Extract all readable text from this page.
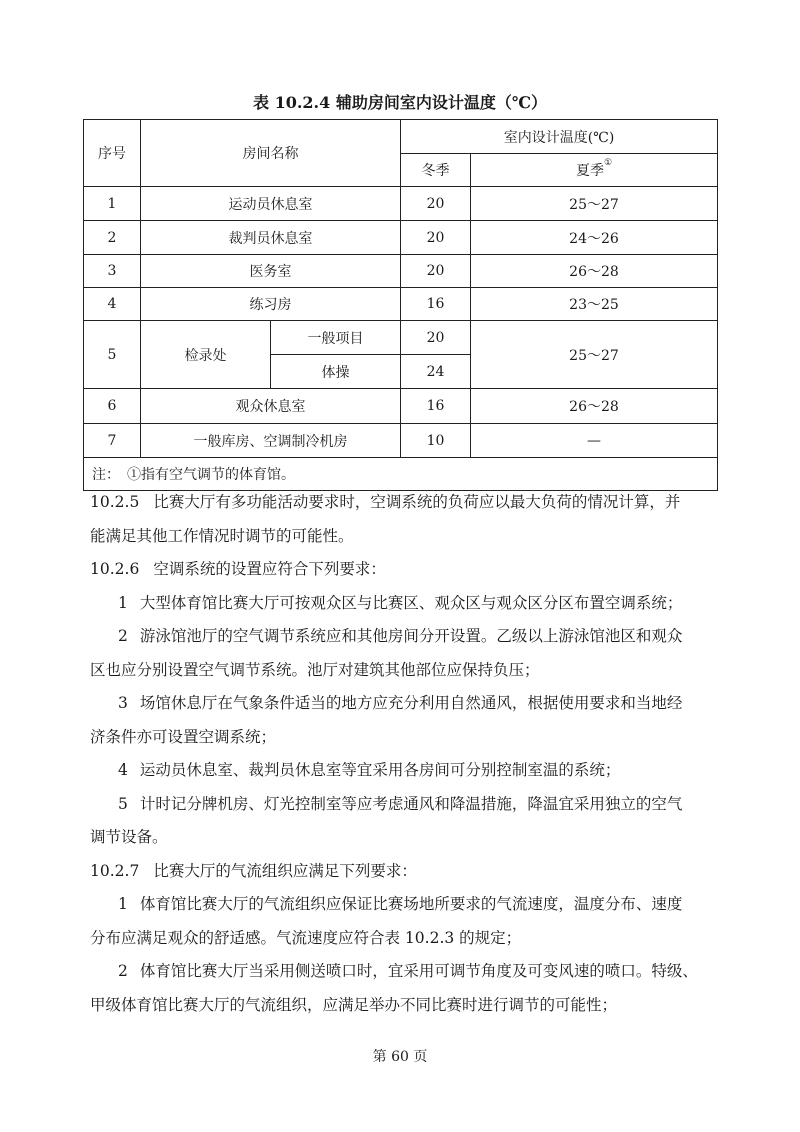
表 10.2.4 辅助房间室内设计温度（℃）
序号	房间名称		室内设计温度(℃)	
			冬季	夏季①
1	运动员休息室		20	25～27
2	裁判员休息室		20	24～26
3	医务室		20	26～28
4	练习房		16	23～25
5	检录处	一般项目	20	25～27
		体操	24	
6	观众休息室		16	26～28
7	一般库房、空调制冷机房		10	—
注：　①指有空气调节的体育馆。				

10.2.5 比赛大厅有多功能活动要求时，空调系统的负荷应以最大负荷的情况计算，并

能满足其他工作情况时调节的可能性。

10.2.6 空调系统的设置应符合下列要求：

1 大型体育馆比赛大厅可按观众区与比赛区、观众区与观众区分区布置空调系统；

2 游泳馆池厅的空气调节系统应和其他房间分开设置。乙级以上游泳馆池区和观众

区也应分别设置空气调节系统。池厅对建筑其他部位应保持负压；

3 场馆休息厅在气象条件适当的地方应充分利用自然通风，根据使用要求和当地经

济条件亦可设置空调系统；

4 运动员休息室、裁判员休息室等宜采用各房间可分别控制室温的系统；

5 计时记分牌机房、灯光控制室等应考虑通风和降温措施，降温宜采用独立的空气

调节设备。

10.2.7 比赛大厅的气流组织应满足下列要求：

1 体育馆比赛大厅的气流组织应保证比赛场地所要求的气流速度，温度分布、速度

分布应满足观众的舒适感。气流速度应符合表 10.2.3 的规定；

2 体育馆比赛大厅当采用侧送喷口时，宜采用可调节角度及可变风速的喷口。特级、

甲级体育馆比赛大厅的气流组织，应满足举办不同比赛时进行调节的可能性；

第 60 页
